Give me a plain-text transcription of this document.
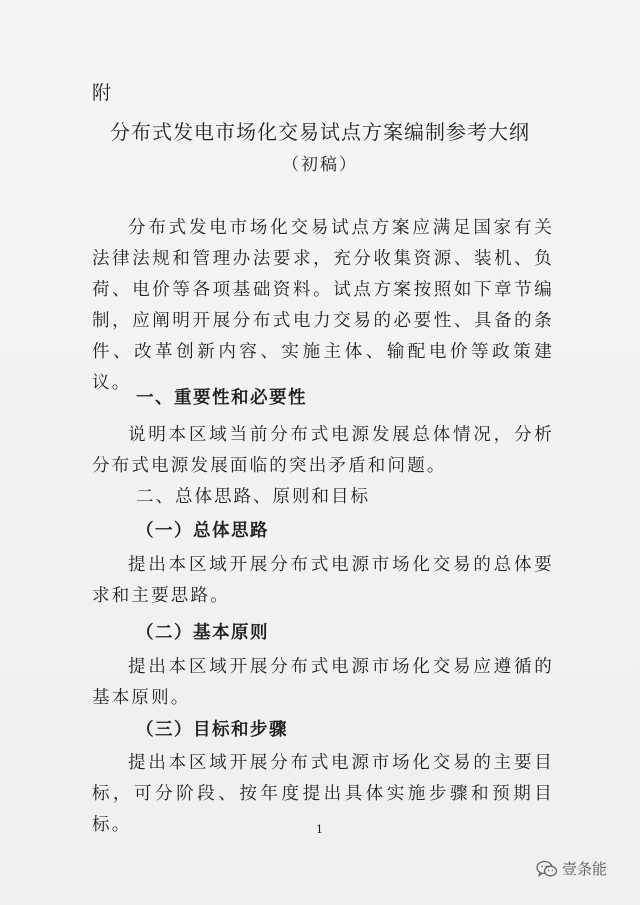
附
分布式发电市场化交易试点方案编制参考大纲
（初稿）
分布式发电市场化交易试点方案应满足国家有关法律法规和管理办法要求，充分收集资源、装机、负荷、电价等各项基础资料。试点方案按照如下章节编制，应阐明开展分布式电力交易的必要性、具备的条件、改革创新内容、实施主体、输配电价等政策建议。
一、重要性和必要性
说明本区域当前分布式电源发展总体情况，分析分布式电源发展面临的突出矛盾和问题。
二、总体思路、原则和目标
（一）总体思路
提出本区域开展分布式电源市场化交易的总体要求和主要思路。
（二）基本原则
提出本区域开展分布式电源市场化交易应遵循的基本原则。
（三）目标和步骤
提出本区域开展分布式电源市场化交易的主要目标，可分阶段、按年度提出具体实施步骤和预期目标。	1
壹条能
